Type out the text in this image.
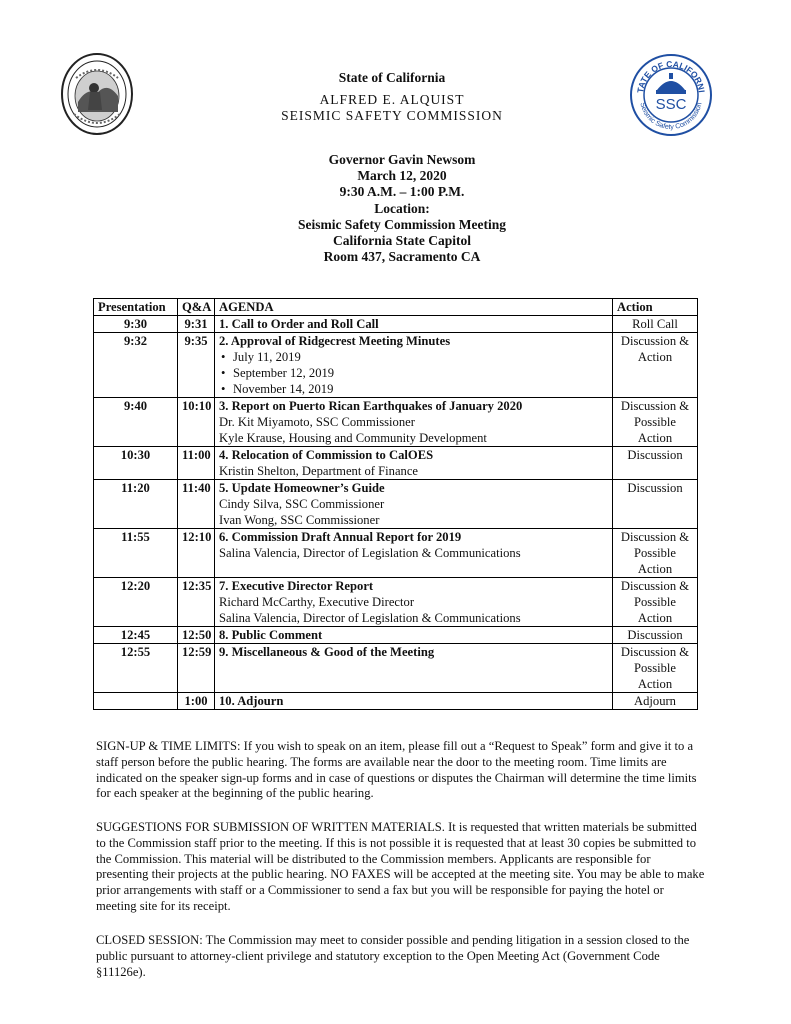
TATE OF CALIFORNI
Seismic Safety Commission
SSC
State of California
ALFRED E. ALQUIST
SEISMIC SAFETY COMMISSION
Governor Gavin Newsom
March 12, 2020
9:30 A.M. – 1:00 P.M.
Location:
Seismic Safety Commission Meeting
California State Capitol
Room 437, Sacramento CA
Presentation	Q&A	AGENDA	Action
9:30	9:31	1. Call to Order and Roll Call	Roll Call
9:32	9:35	2. Approval of Ridgecrest Meeting Minutes
• July 11, 2019
• September 12, 2019
• November 14, 2019	Discussion & Action
9:40	10:10	3. Report on Puerto Rican Earthquakes of January 2020
Dr. Kit Miyamoto, SSC Commissioner
Kyle Krause, Housing and Community Development	Discussion & Possible Action
10:30	11:00	4. Relocation of Commission to CalOES
Kristin Shelton, Department of Finance	Discussion
11:20	11:40	5. Update Homeowner’s Guide
Cindy Silva, SSC Commissioner
Ivan Wong, SSC Commissioner	Discussion
11:55	12:10	6. Commission Draft Annual Report for 2019
Salina Valencia, Director of Legislation & Communications	Discussion & Possible Action
12:20	12:35	7. Executive Director Report
Richard McCarthy, Executive Director
Salina Valencia, Director of Legislation & Communications	Discussion & Possible Action
12:45	12:50	8. Public Comment	Discussion
12:55	12:59	9. Miscellaneous & Good of the Meeting	Discussion & Possible Action
	1:00	10. Adjourn	Adjourn
SIGN-UP & TIME LIMITS: If you wish to speak on an item, please fill out a “Request to Speak” form and give it to a staff person before the public hearing. The forms are available near the door to the meeting room. Time limits are indicated on the speaker sign-up forms and in case of questions or disputes the Chairman will determine the time limits for each speaker at the beginning of the public hearing.
SUGGESTIONS FOR SUBMISSION OF WRITTEN MATERIALS. It is requested that written materials be submitted to the Commission staff prior to the meeting. If this is not possible it is requested that at least 30 copies be submitted to the Commission. This material will be distributed to the Commission members. Applicants are responsible for presenting their projects at the public hearing. NO FAXES will be accepted at the meeting site. You may be able to make prior arrangements with staff or a Commissioner to send a fax but you will be responsible for paying the hotel or meeting site for its receipt.
CLOSED SESSION: The Commission may meet to consider possible and pending litigation in a session closed to the public pursuant to attorney-client privilege and statutory exception to the Open Meeting Act (Government Code §11126e).
